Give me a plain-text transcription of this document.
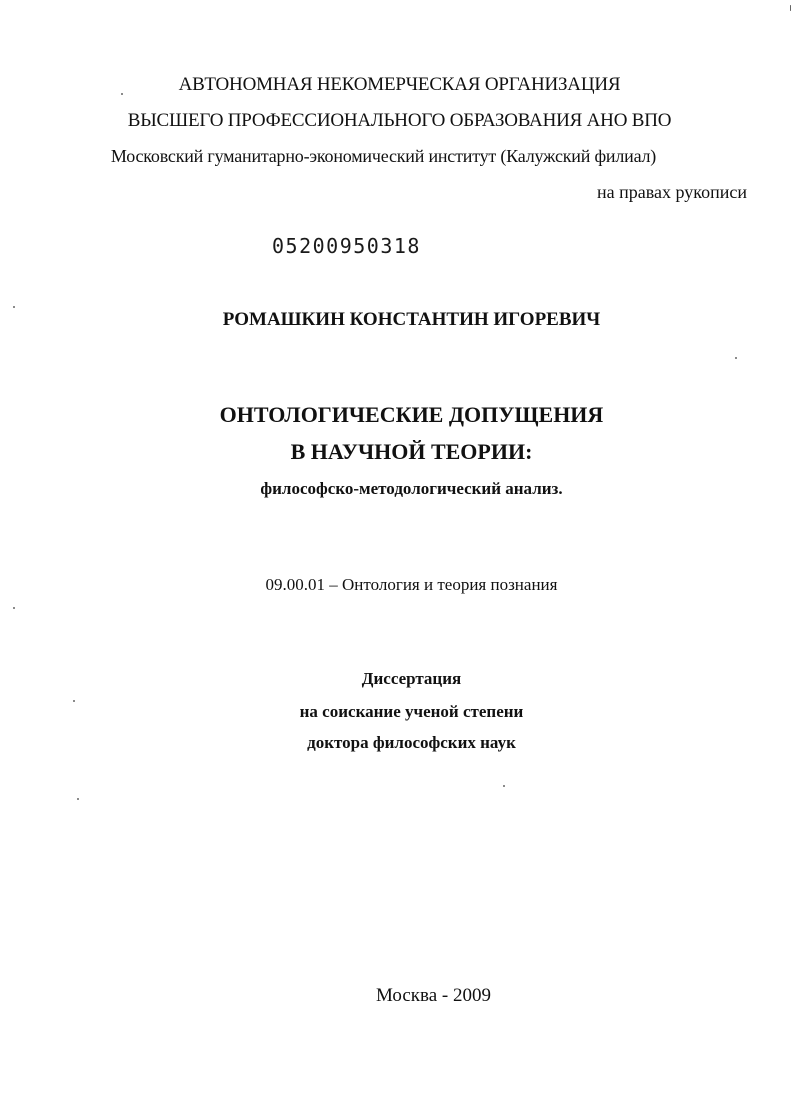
АВТОНОМНАЯ НЕКОМЕРЧЕСКАЯ ОРГАНИЗАЦИЯ
ВЫСШЕГО ПРОФЕССИОНАЛЬНОГО ОБРАЗОВАНИЯ АНО ВПО
Московский гуманитарно-экономический институт (Калужский филиал)
на правах рукописи
05200950318
РОМАШКИН КОНСТАНТИН ИГОРЕВИЧ
ОНТОЛОГИЧЕСКИЕ ДОПУЩЕНИЯ
В НАУЧНОЙ ТЕОРИИ:
философско-методологический анализ.
09.00.01 – Онтология и теория познания
Диссертация
на соискание ученой степени
доктора философских наук
Москва - 2009
